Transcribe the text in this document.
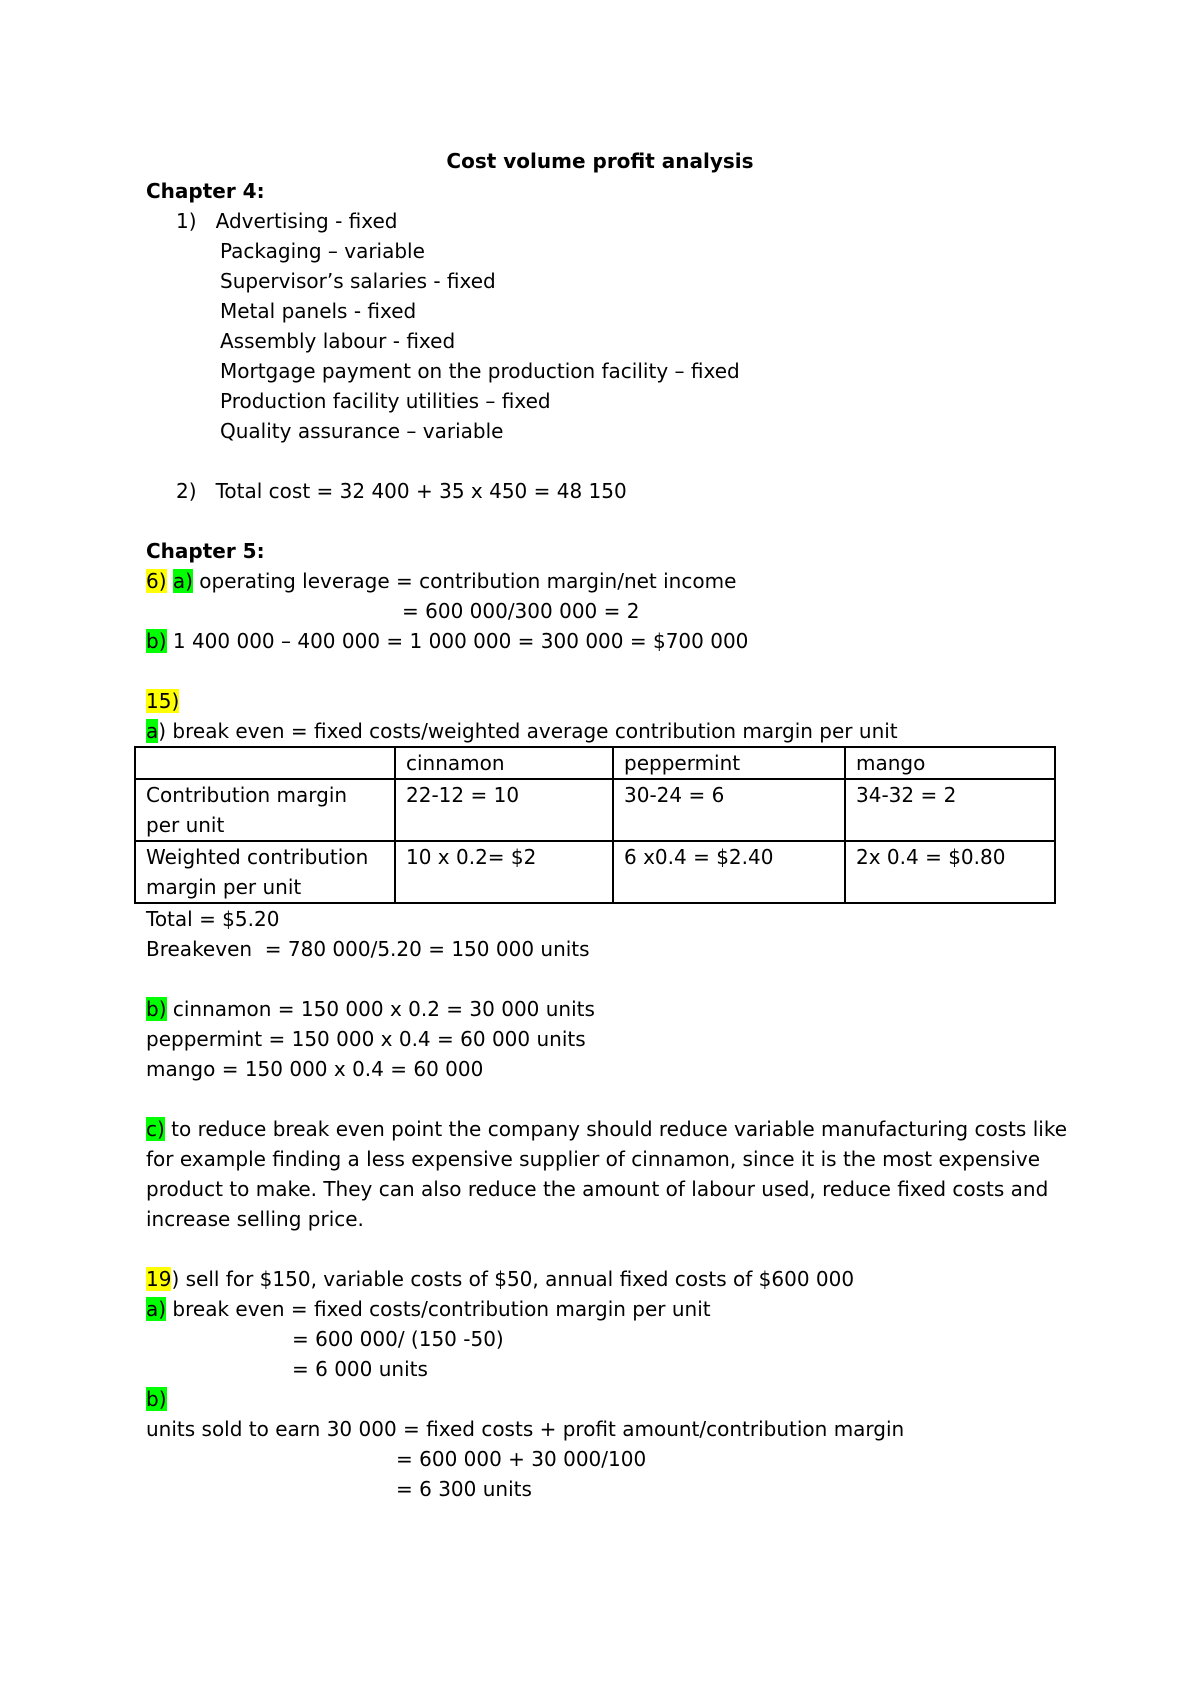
Cost volume profit analysis
Chapter 4:
1) Advertising - fixed
Packaging – variable
Supervisor’s salaries - fixed
Metal panels - fixed
Assembly labour - fixed
Mortgage payment on the production facility – fixed
Production facility utilities – fixed
Quality assurance – variable
2) Total cost = 32 400 + 35 x 450 = 48 150
Chapter 5:
6) a) operating leverage = contribution margin/net income
= 600 000/300 000 = 2
b) 1 400 000 – 400 000 = 1 000 000 = 300 000 = $700 000
15)
a) break even = fixed costs/weighted average contribution margin per unit
	cinnamon	peppermint	mango
Contribution margin per unit	22-12 = 10	30-24 = 6	34-32 = 2
Weighted contribution margin per unit	10 x 0.2= $2	6 x0.4 = $2.40	2x 0.4 = $0.80
Total = $5.20
Breakeven  = 780 000/5.20 = 150 000 units
b) cinnamon = 150 000 x 0.2 = 30 000 units
peppermint = 150 000 x 0.4 = 60 000 units
mango = 150 000 x 0.4 = 60 000
c) to reduce break even point the company should reduce variable manufacturing costs like
for example finding a less expensive supplier of cinnamon, since it is the most expensive
product to make. They can also reduce the amount of labour used, reduce fixed costs and
increase selling price.
19) sell for $150, variable costs of $50, annual fixed costs of $600 000
a) break even = fixed costs/contribution margin per unit
= 600 000/ (150 -50)
= 6 000 units
b)
units sold to earn 30 000 = fixed costs + profit amount/contribution margin
= 600 000 + 30 000/100
= 6 300 units
